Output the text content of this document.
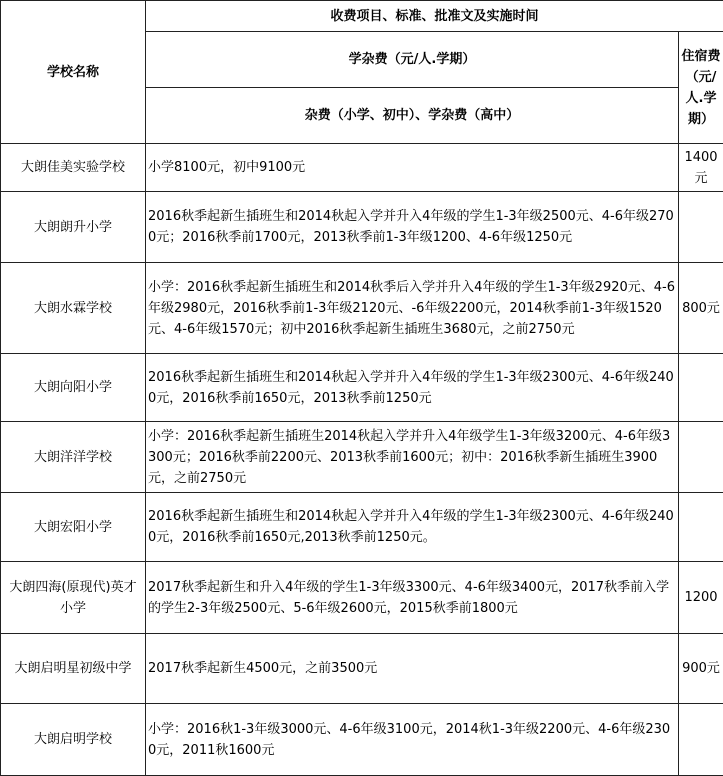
学校名称	收费项目、标准、批准文及实施时间	
	学杂费（元/人.学期）	住宿费（元/人.学期）
	杂费（小学、初中）、学杂费（高中）	
大朗佳美实验学校	小学8100元，初中9100元	1400元
大朗朗升小学	2016秋季起新生插班生和2014秋起入学并升入4年级的学生1-3年级2500元、4-6年级2700元；2016秋季前1700元，2013秋季前1-3年级1200、4-6年级1250元	
大朗水霖学校	小学：2016秋季起新生插班生和2014秋季后入学并升入4年级的学生1-3年级2920元、4-6年级2980元，2016秋季前1-3年级2120元、-6年级2200元，2014秋季前1-3年级1520元、4-6年级1570元；初中2016秋季起新生插班生3680元，之前2750元	800元
大朗向阳小学	2016秋季起新生插班生和2014秋起入学并升入4年级的学生1-3年级2300元、4-6年级2400元，2016秋季前1650元，2013秋季前1250元	
大朗洋洋学校	小学：2016秋季起新生插班生2014秋起入学并升入4年级学生1-3年级3200元、4-6年级3300元；2016秋季前2200元、2013秋季前1600元；初中：2016秋季新生插班生3900元，之前2750元	
大朗宏阳小学	2016秋季起新生插班生和2014秋起入学并升入4年级的学生1-3年级2300元、4-6年级2400元，2016秋季前1650元,2013秋季前1250元。	
大朗四海(原现代)英才小学	2017秋季起新生和升入4年级的学生1-3年级3300元、4-6年级3400元，2017秋季前入学的学生2-3年级2500元、5-6年级2600元，2015秋季前1800元	1200
大朗启明星初级中学	2017秋季起新生4500元，之前3500元	900元
大朗启明学校	小学：2016秋1-3年级3000元、4-6年级3100元，2014秋1-3年级2200元、4-6年级2300元，2011秋1600元	
